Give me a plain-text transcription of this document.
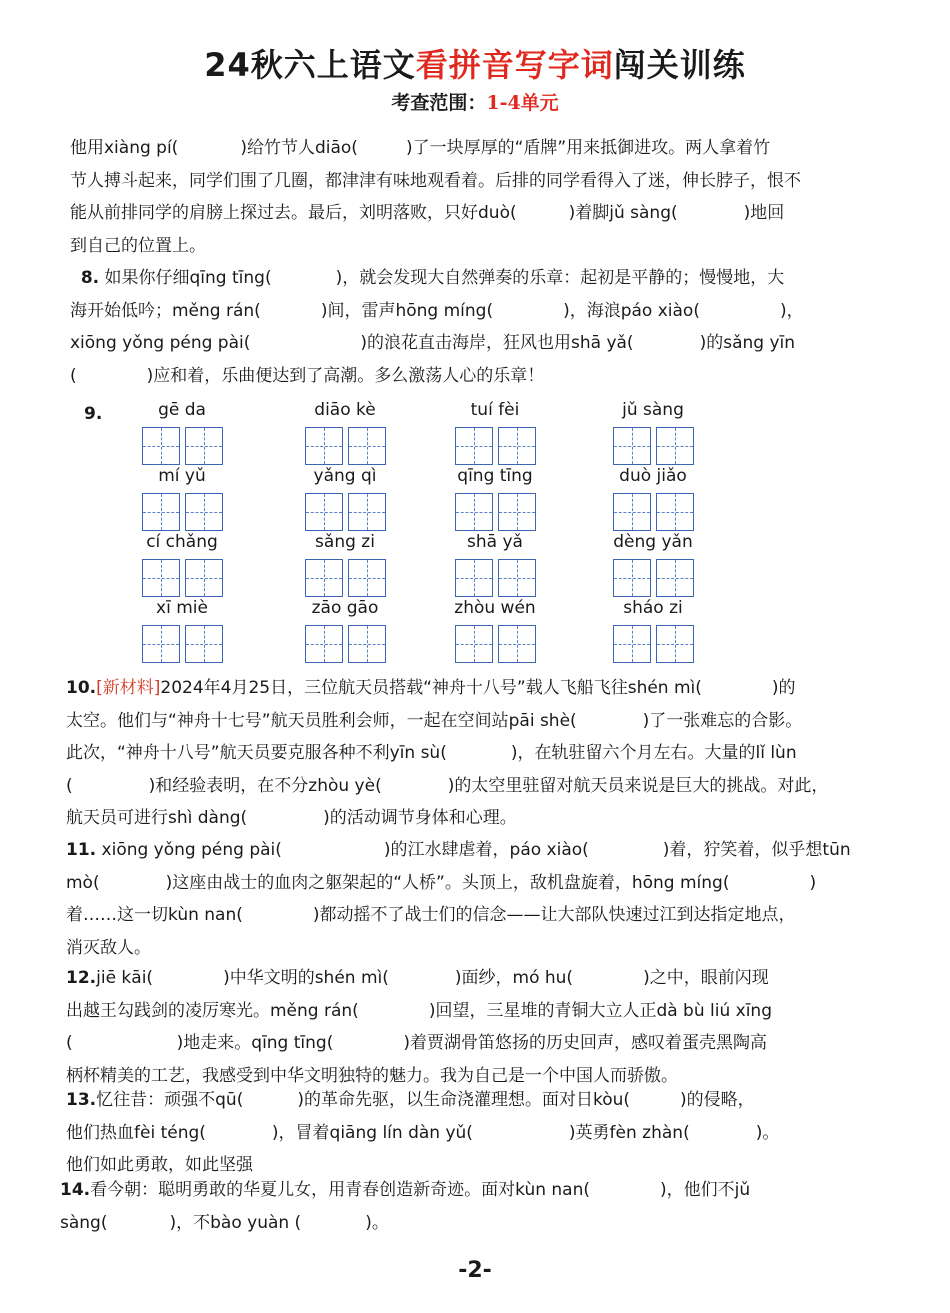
24秋六上语文看拼音写字词闯关训练
考查范围：1-4单元
他用xiàng pí(	)给竹节人diāo(	)了一块厚厚的“盾牌”用来抵御进攻。两人拿着竹
节人搏斗起来，同学们围了几圈，都津津有味地观看着。后排的同学看得入了迷，伸长脖子，恨不
能从前排同学的肩膀上探过去。最后，刘明落败，只好duò(	)着脚jǔ sàng(	)地回
到自己的位置上。
8. 如果你仔细qīng tīng(	)，就会发现大自然弹奏的乐章：起初是平静的；慢慢地，大
海开始低吟；měng rán(	)间，雷声hōng míng(	)，海浪páo xiào(	)，
xiōng yǒng péng pài(	)的浪花直击海岸，狂风也用shā yǎ(	)的sǎng yīn
(	)应和着，乐曲便达到了高潮。多么激荡人心的乐章！
9.	gē da	diāo kè	tuí fèi	jǔ sàng
mí yǔ	yǎng qì	qīng tīng	duò jiǎo
cí chǎng	sǎng zi	shā yǎ	dèng yǎn
xī miè	zāo gāo	zhòu wén	sháo zi
10.[新材料]2024年4月25日，三位航天员搭载“神舟十八号”载人飞船飞往shén mì(	)的
太空。他们与“神舟十七号”航天员胜利会师，一起在空间站pāi shè(	)了一张难忘的合影。
此次，“神舟十八号”航天员要克服各种不利yīn sù(	)，在轨驻留六个月左右。大量的lǐ lùn
(	)和经验表明，在不分zhòu yè(	)的太空里驻留对航天员来说是巨大的挑战。对此，
航天员可进行shì dàng(	)的活动调节身体和心理。
11. xiōng yǒng péng pài(	)的江水肆虐着，páo xiào(	)着，狞笑着，似乎想tūn
mò(	)这座由战士的血肉之躯架起的“人桥”。头顶上，敌机盘旋着，hōng míng(	)
着……这一切kùn nan(	)都动摇不了战士们的信念——让大部队快速过江到达指定地点，
消灭敌人。
12.jiē kāi(	)中华文明的shén mì(	)面纱，mó hu(	)之中，眼前闪现
出越王勾践剑的凌厉寒光。měng rán(	)回望，三星堆的青铜大立人正dà bù liú xīng
(	)地走来。qīng tīng(	)着贾湖骨笛悠扬的历史回声，感叹着蛋壳黑陶高
柄杯精美的工艺，我感受到中华文明独特的魅力。我为自己是一个中国人而骄傲。
13.忆往昔：顽强不qū(	)的革命先驱，以生命浇灌理想。面对日kòu(	)的侵略，
他们热血fèi téng(	)，冒着qiāng lín dàn yǔ(	)英勇fèn zhàn(	)。
他们如此勇敢，如此坚强
14.看今朝：聪明勇敢的华夏儿女，用青春创造新奇迹。面对kùn nan(	)，他们不jǔ
sàng(	)，不bào yuàn (	)。
-2-
